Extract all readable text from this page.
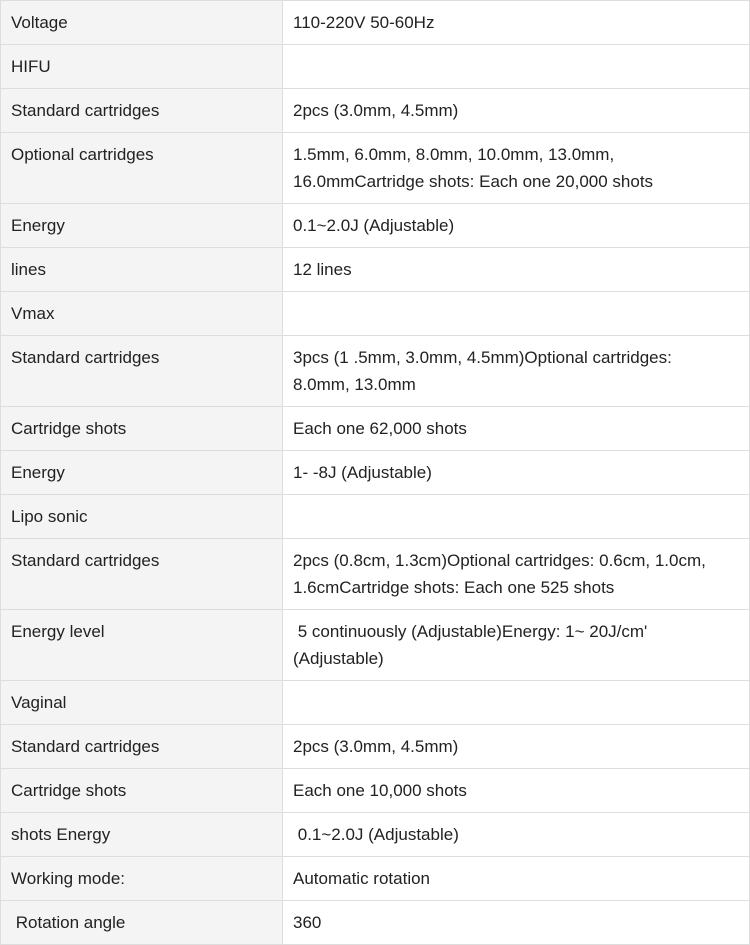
Voltage	110-220V 50-60Hz
HIFU	
Standard cartridges	2pcs (3.0mm, 4.5mm)
Optional cartridges	1.5mm, 6.0mm, 8.0mm, 10.0mm, 13.0mm, 16.0mmCartridge shots: Each one 20,000 shots
Energy	0.1~2.0J (Adjustable)
lines	12 lines
Vmax	
Standard cartridges	3pcs (1 .5mm, 3.0mm, 4.5mm)Optional cartridges: 8.0mm, 13.0mm
Cartridge shots	Each one 62,000 shots
Energy	1- -8J (Adjustable)
Lipo sonic	
Standard cartridges	2pcs (0.8cm, 1.3cm)Optional cartridges: 0.6cm, 1.0cm, 1.6cmCartridge shots: Each one 525 shots
Energy level	5 continuously (Adjustable)Energy: 1~ 20J/cm' (Adjustable)
Vaginal	
Standard cartridges	2pcs (3.0mm, 4.5mm)
Cartridge shots	Each one 10,000 shots
shots Energy	0.1~2.0J (Adjustable)
Working mode:	Automatic rotation
Rotation angle	360
